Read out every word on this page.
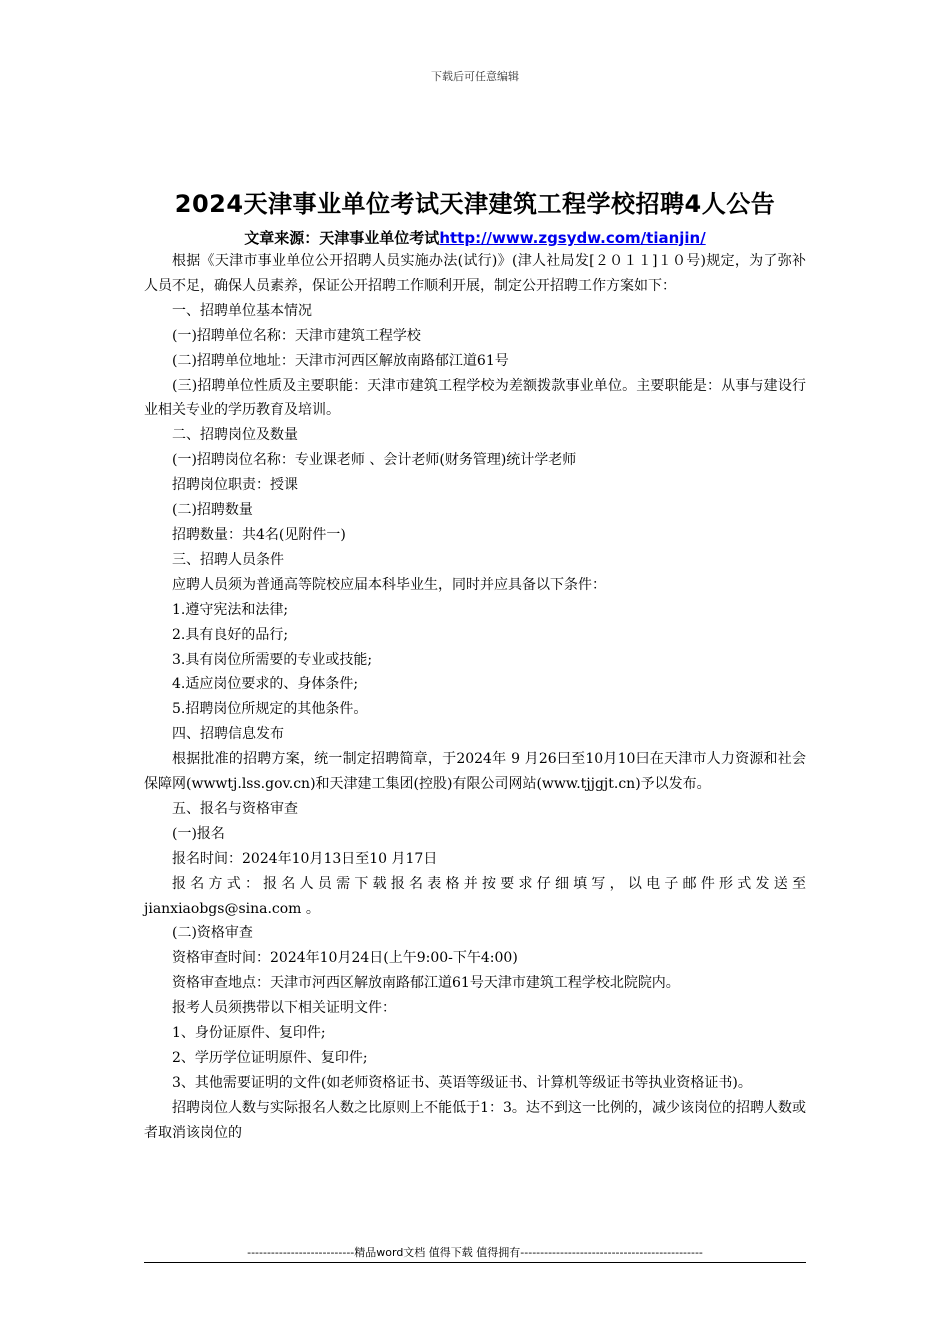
下载后可任意编辑
2024天津事业单位考试天津建筑工程学校招聘4人公告
文章来源：天津事业单位考试http://www.zgsydw.com/tianjin/

根据《天津市事业单位公开招聘人员实施办法(试行)》(津人社局发[２０１１]１０号)规定，为了弥补人员不足，确保人员素养，保证公开招聘工作顺利开展，制定公开招聘工作方案如下：

一、招聘单位基本情况

(一)招聘单位名称：天津市建筑工程学校

(二)招聘单位地址：天津市河西区解放南路郁江道61号

(三)招聘单位性质及主要职能：天津市建筑工程学校为差额拨款事业单位。主要职能是：从事与建设行业相关专业的学历教育及培训。

二、招聘岗位及数量

(一)招聘岗位名称：专业课老师 、会计老师(财务管理)统计学老师

招聘岗位职责：授课

(二)招聘数量

招聘数量：共4名(见附件一)

三、招聘人员条件

应聘人员须为普通高等院校应届本科毕业生，同时并应具备以下条件：

1.遵守宪法和法律;

2.具有良好的品行;

3.具有岗位所需要的专业或技能;

4.适应岗位要求的、身体条件;

5.招聘岗位所规定的其他条件。

四、招聘信息发布

根据批准的招聘方案，统一制定招聘简章，于2024年 9 月26曰至10月10曰在天津市人力资源和社会保障网(wwwtj.lss.gov.cn)和天津建工集团(控股)有限公司网站(www.tjjgjt.cn)予以发布。

五、报名与资格审查

(一)报名

报名时间：2024年10月13日至10 月17日

报名方式：报名人员需下载报名表格并按要求仔细填写，以电子邮件形式发送至jianxiaobgs@sina.com 。

(二)资格审查

资格审查时间：2024年10月24日(上午9:00-下午4:00)

资格审查地点：天津市河西区解放南路郁江道61号天津市建筑工程学校北院院内。

报考人员须携带以下相关证明文件：

1、身份证原件、复印件;

2、学历学位证明原件、复印件;

3、其他需要证明的文件(如老师资格证书、英语等级证书、计算机等级证书等执业资格证书)。

招聘岗位人数与实际报名人数之比原则上不能低于1：3。达不到这一比例的，减少该岗位的招聘人数或者取消该岗位的

---------------------------精品word文档 值得下载 值得拥有----------------------------------------------
